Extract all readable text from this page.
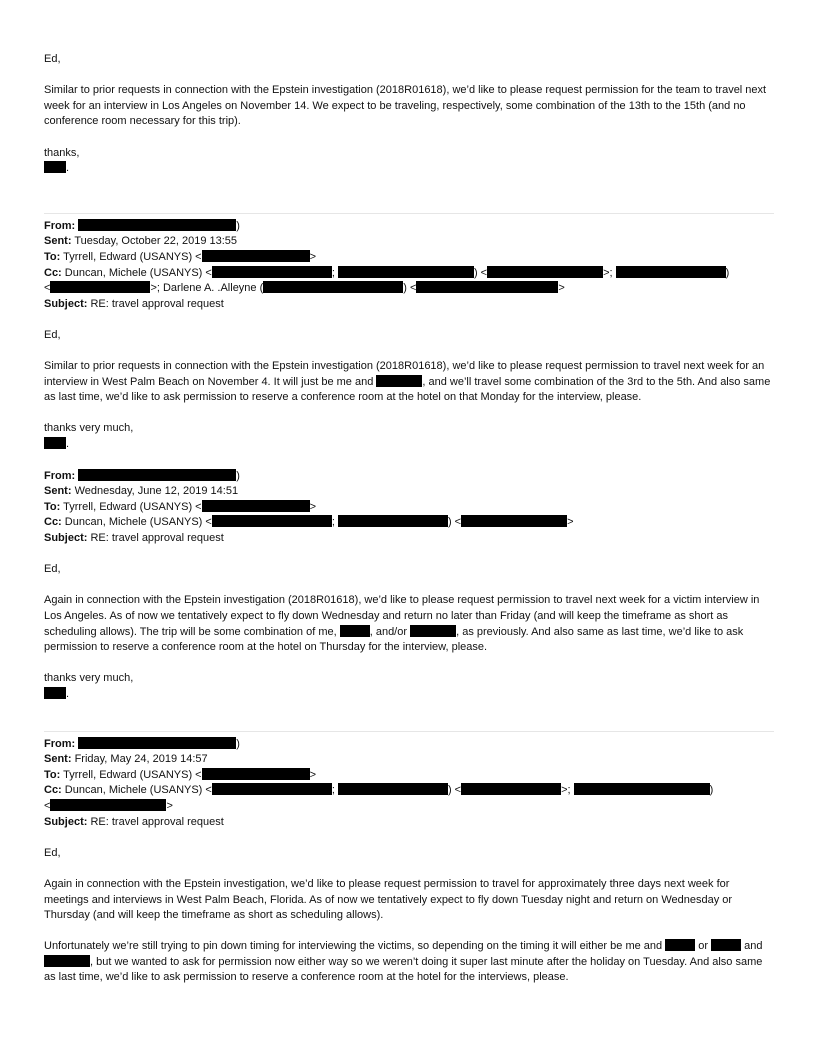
Ed,

Similar to prior requests in connection with the Epstein investigation (2018R01618), we’d like to please request permission for the team to travel next week for an interview in Los Angeles on November 14. We expect to be traveling, respectively, some combination of the 13th to the 15th (and no conference room necessary for this trip).

thanks,

.

From:	)

Sent: Tuesday, October 22, 2019 13:55

To: Tyrrell, Edward (USANYS) <	>

Cc: Duncan, Michele (USANYS) <	;	) <	>;	)

<	>; Darlene A. .Alleyne (	) <	>

Subject: RE: travel approval request

Ed,

Similar to prior requests in connection with the Epstein investigation (2018R01618), we’d like to please request permission to travel next week for an interview in West Palm Beach on November 4. It will just be me and	, and we’ll travel some combination of the 3rd to the 5th. And also same as last time, we’d like to ask permission to reserve a conference room at the hotel on that Monday for the interview, please.

thanks very much,

.

From:	)

Sent: Wednesday, June 12, 2019 14:51

To: Tyrrell, Edward (USANYS) <	>

Cc: Duncan, Michele (USANYS) <	;	) <	>

Subject: RE: travel approval request

Ed,

Again in connection with the Epstein investigation (2018R01618), we’d like to please request permission to travel next week for a victim interview in Los Angeles. As of now we tentatively expect to fly down Wednesday and return no later than Friday (and will keep the timeframe as short as scheduling allows). The trip will be some combination of me,	, and/or	, as previously. And also same as last time, we’d like to ask permission to reserve a conference room at the hotel on Thursday for the interview, please.

thanks very much,

.

From:	)

Sent: Friday, May 24, 2019 14:57

To: Tyrrell, Edward (USANYS) <	>

Cc: Duncan, Michele (USANYS) <	;	) <	>;	)

<	>

Subject: RE: travel approval request

Ed,

Again in connection with the Epstein investigation, we’d like to please request permission to travel for approximately three days next week for meetings and interviews in West Palm Beach, Florida. As of now we tentatively expect to fly down Tuesday night and return on Wednesday or Thursday (and will keep the timeframe as short as scheduling allows).

Unfortunately we’re still trying to pin down timing for interviewing the victims, so depending on the timing it will either be me and	or	and , but we wanted to ask for permission now either way so we weren’t doing it super last minute after the holiday on Tuesday. And also same as last time, we’d like to ask permission to reserve a conference room at the hotel for the interviews, please.
